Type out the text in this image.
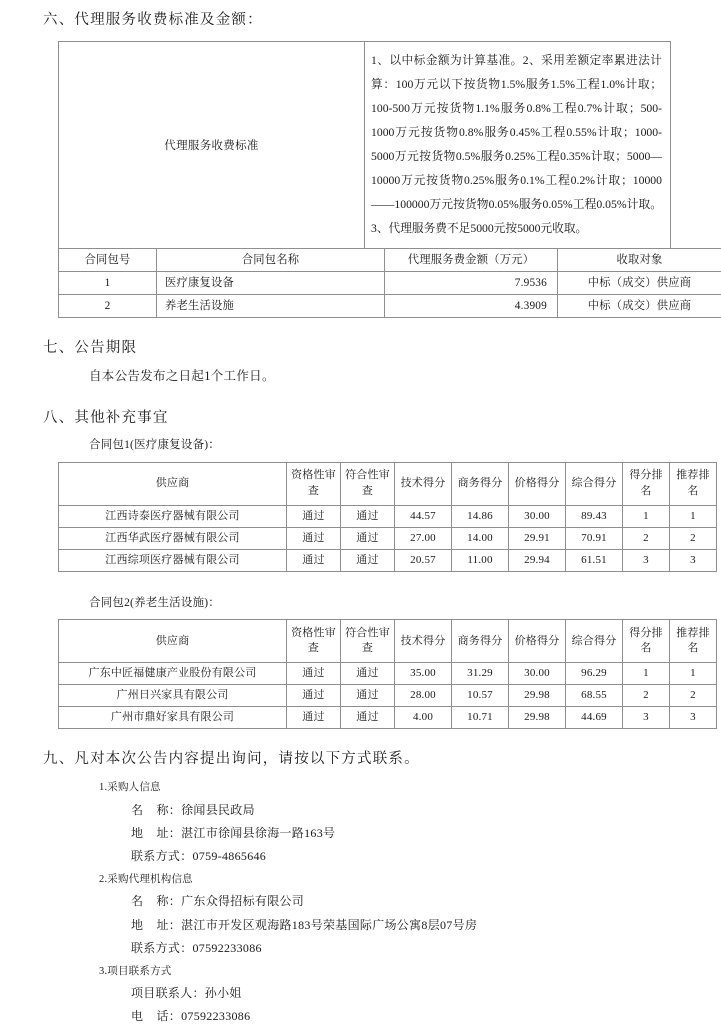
六、代理服务收费标准及金额：
代理服务收费标准	1、以中标金额为计算基准。2、采用差额定率累进法计算：100万元以下按货物1.5%服务1.5%工程1.0%计取；100-500万元按货物1.1%服务0.8%工程0.7%计取；500-1000万元按货物0.8%服务0.45%工程0.55%计取；1000-5000万元按货物0.5%服务0.25%工程0.35%计取；5000—10000万元按货物0.25%服务0.1%工程0.2%计取；10000——100000万元按货物0.05%服务0.05%工程0.05%计取。3、代理服务费不足5000元按5000元收取。
合同包号	合同包名称	代理服务费金额（万元）	收取对象
1	医疗康复设备	7.9536	中标（成交）供应商
2	养老生活设施	4.3909	中标（成交）供应商
七、公告期限

自本公告发布之日起1个工作日。

八、其他补充事宜

合同包1(医疗康复设备)：

供应商	资格性审查	符合性审查	技术得分	商务得分	价格得分	综合得分	得分排名	推荐排名
江西诗泰医疗器械有限公司	通过	通过	44.57	14.86	30.00	89.43	1	1
江西华武医疗器械有限公司	通过	通过	27.00	14.00	29.91	70.91	2	2
江西综项医疗器械有限公司	通过	通过	20.57	11.00	29.94	61.51	3	3

合同包2(养老生活设施)：

供应商	资格性审查	符合性审查	技术得分	商务得分	价格得分	综合得分	得分排名	推荐排名
广东中匠福健康产业股份有限公司	通过	通过	35.00	31.29	30.00	96.29	1	1
广州日兴家具有限公司	通过	通过	28.00	10.57	29.98	68.55	2	2
广州市鼎好家具有限公司	通过	通过	4.00	10.71	29.98	44.69	3	3
九、凡对本次公告内容提出询问，请按以下方式联系。
1.采购人信息
名    称：徐闻县民政局
地    址：湛江市徐闻县徐海一路163号
联系方式：0759-4865646
2.采购代理机构信息
名    称：广东众得招标有限公司
地    址：湛江市开发区观海路183号荣基国际广场公寓8层07号房
联系方式：07592233086
3.项目联系方式
项目联系人：孙小姐
电    话：07592233086
